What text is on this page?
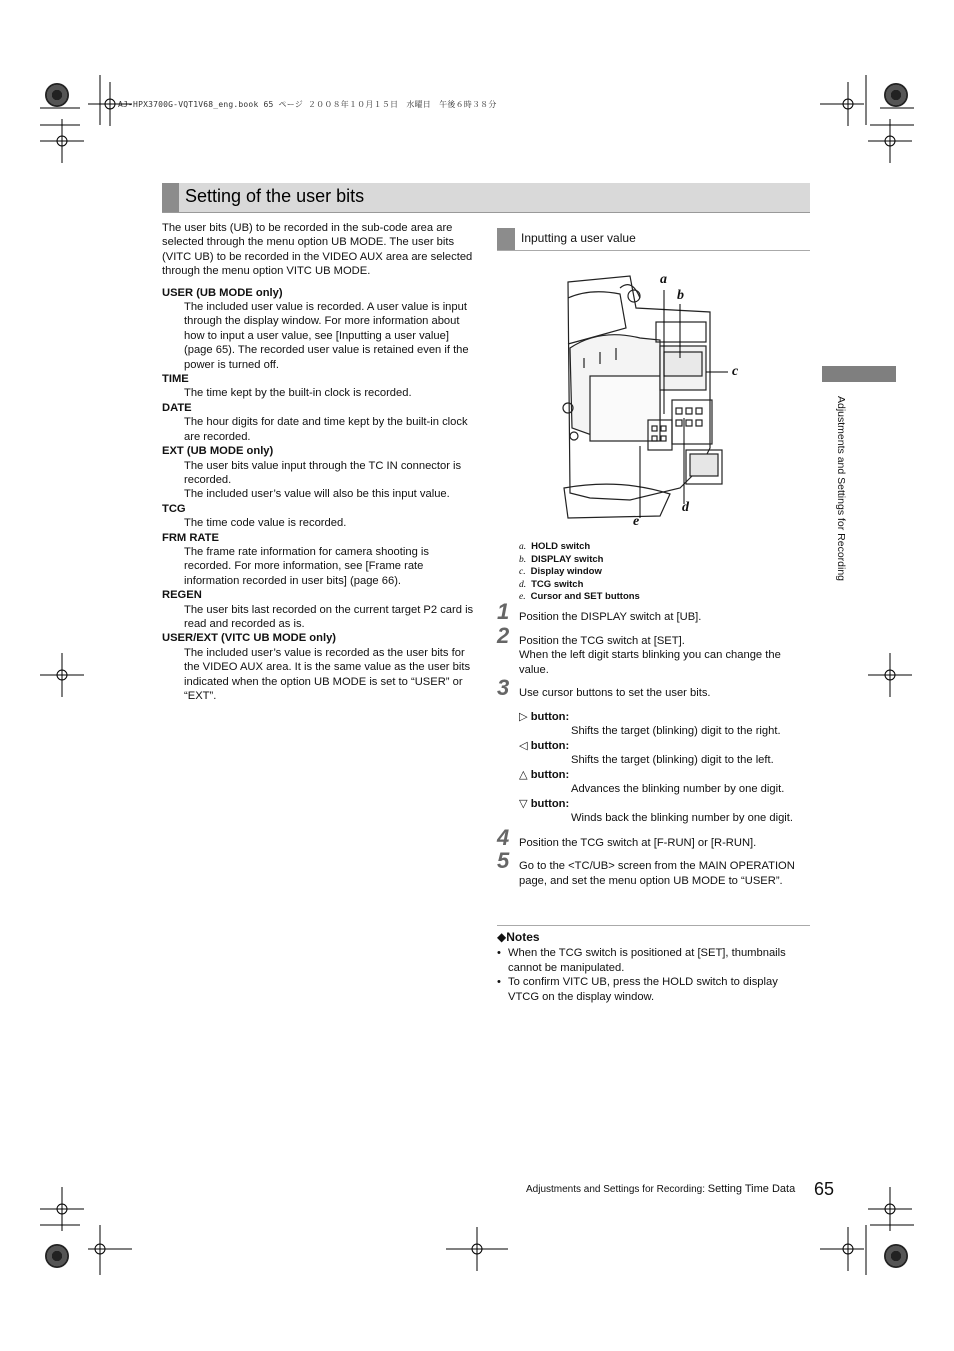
AJ-HPX3700G-VQT1V68_eng.book 65 ページ ２００８年１０月１５日　水曜日　午後６時３８分
Setting of the user bits

The user bits (UB) to be recorded in the sub-code area are selected through the menu option UB MODE. The user bits (VITC UB) to be recorded in the VIDEO AUX area are selected through the menu option VITC UB MODE.

USER (UB MODE only)
The included user value is recorded. A user value is input through the display window. For more information about how to input a user value, see [Inputting a user value] (page 65). The recorded user value is retained even if the power is turned off.
TIME
The time kept by the built-in clock is recorded.
DATE
The hour digits for date and time kept by the built-in clock are recorded.
EXT (UB MODE only)
The user bits value input through the TC IN connector is recorded.
The included user’s value will also be this input value.
TCG
The time code value is recorded.
FRM RATE
The frame rate information for camera shooting is recorded. For more information, see [Frame rate information recorded in user bits] (page 66).
REGEN
The user bits last recorded on the current target P2 card is read and recorded as is.
USER/EXT (VITC UB MODE only)
The included user’s value is recorded as the user bits for the VIDEO AUX area. It is the same value as the user bits indicated when the option UB MODE is set to “USER” or “EXT”.
Inputting a user value
a
b
c
d
e
a. HOLD switch
b. DISPLAY switch
c. Display window
d. TCG switch
e. Cursor and SET buttons
1 Position the DISPLAY switch at [UB].
2 Position the TCG switch at [SET].
When the left digit starts blinking you can change the value.
3 Use cursor buttons to set the user bits.
▷ button:
Shifts the target (blinking) digit to the right.
◁ button:
Shifts the target (blinking) digit to the left.
△ button:
Advances the blinking number by one digit.
▽ button:
Winds back the blinking number by one digit.
4 Position the TCG switch at [F-RUN] or [R-RUN].
5 Go to the <TC/UB> screen from the MAIN OPERATION page, and set the menu option UB MODE to “USER”.
◆Notes
• When the TCG switch is positioned at [SET], thumbnails cannot be manipulated.
• To confirm VITC UB, press the HOLD switch to display VTCG on the display window.
Adjustments and Settings for Recording
Adjustments and Settings for Recording: Setting Time Data 65
